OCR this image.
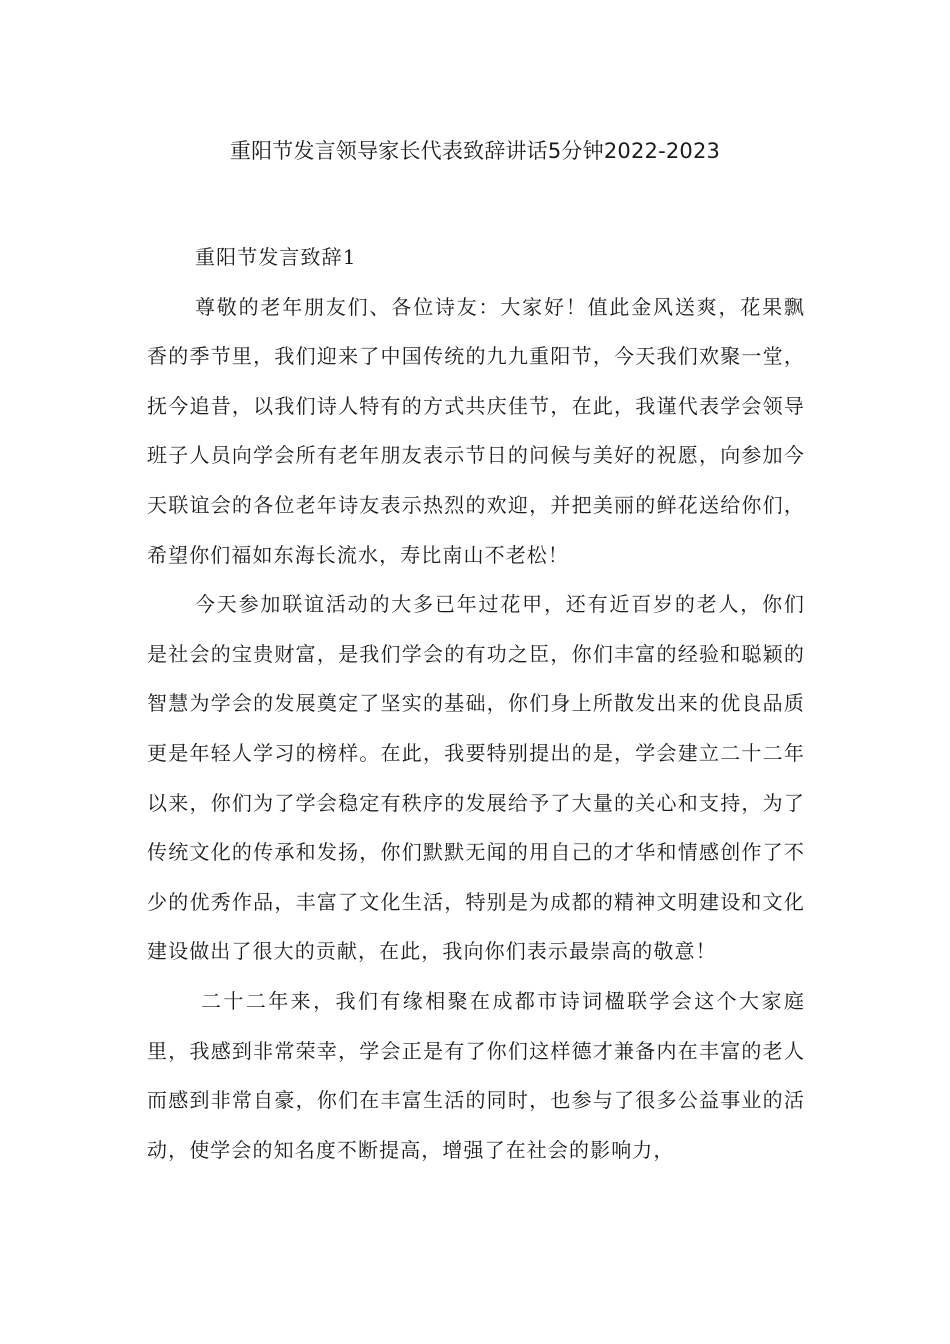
重阳节发言领导家长代表致辞讲话5分钟2022-2023

重阳节发言致辞1

尊敬的老年朋友们、各位诗友：大家好！值此金风送爽，花果飘香的季节里，我们迎来了中国传统的九九重阳节，今天我们欢聚一堂，抚今追昔，以我们诗人特有的方式共庆佳节，在此，我谨代表学会领导班子人员向学会所有老年朋友表示节日的问候与美好的祝愿，向参加今天联谊会的各位老年诗友表示热烈的欢迎，并把美丽的鲜花送给你们，希望你们福如东海长流水，寿比南山不老松！

今天参加联谊活动的大多已年过花甲，还有近百岁的老人，你们是社会的宝贵财富，是我们学会的有功之臣，你们丰富的经验和聪颖的智慧为学会的发展奠定了坚实的基础，你们身上所散发出来的优良品质更是年轻人学习的榜样。在此，我要特别提出的是，学会建立二十二年以来，你们为了学会稳定有秩序的发展给予了大量的关心和支持，为了传统文化的传承和发扬，你们默默无闻的用自己的才华和情感创作了不少的优秀作品，丰富了文化生活，特别是为成都的精神文明建设和文化建设做出了很大的贡献，在此，我向你们表示最崇高的敬意！

二十二年来，我们有缘相聚在成都市诗词楹联学会这个大家庭里，我感到非常荣幸，学会正是有了你们这样德才兼备内在丰富的老人而感到非常自豪，你们在丰富生活的同时，也参与了很多公益事业的活动，使学会的知名度不断提高，增强了在社会的影响力，
